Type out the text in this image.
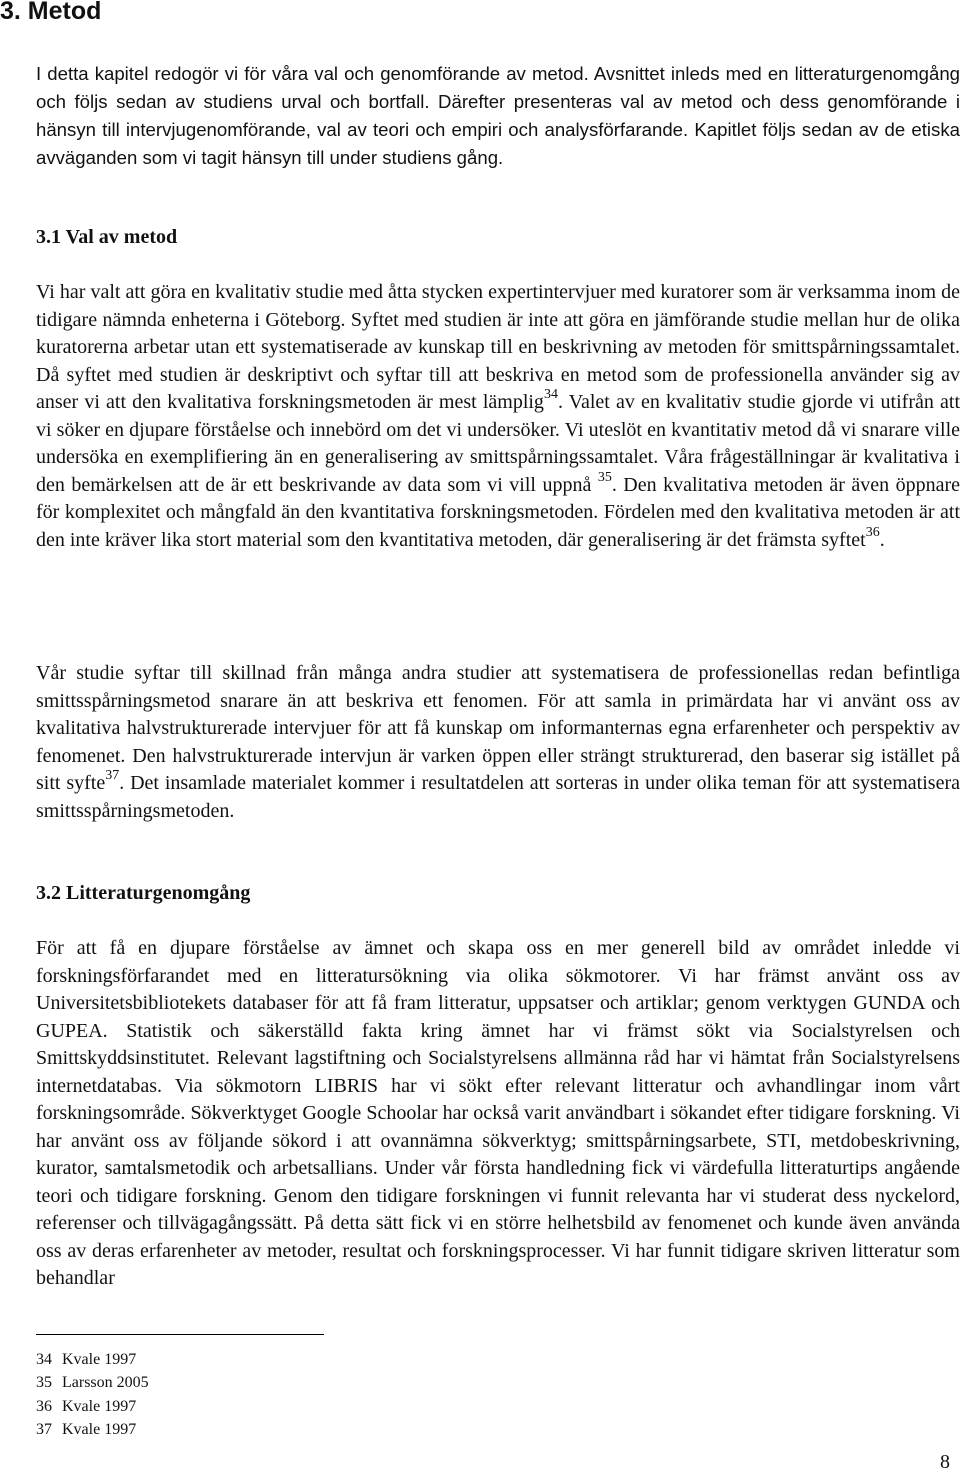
3. Metod

I detta kapitel redogör vi för våra val och genomförande av metod. Avsnittet inleds med en litteraturgenomgång och följs sedan av studiens urval och bortfall. Därefter presenteras val av metod och dess genomförande i hänsyn till intervjugenomförande, val av teori och empiri och analysförfarande. Kapitlet följs sedan av de etiska avväganden som vi tagit hänsyn till under studiens gång.

3.1 Val av metod

Vi har valt att göra en kvalitativ studie med åtta stycken expertintervjuer med kuratorer som är verksamma inom de tidigare nämnda enheterna i Göteborg. Syftet med studien är inte att göra en jämförande studie mellan hur de olika kuratorerna arbetar utan ett systematiserade av kunskap till en beskrivning av metoden för smittspårningssamtalet. Då syftet med studien är deskriptivt och syftar till att beskriva en metod som de professionella använder sig av anser vi att den kvalitativa forskningsmetoden är mest lämplig$^{34}$. Valet av en kvalitativ studie gjorde vi utifrån att vi söker en djupare förståelse och innebörd om det vi undersöker. Vi uteslöt en kvantitativ metod då vi snarare ville undersöka en exemplifiering än en generalisering av smittspårningssamtalet. Våra frågeställningar är kvalitativa i den bemärkelsen att de är ett beskrivande av data som vi vill uppnå $^{35}$. Den kvalitativa metoden är även öppnare för komplexitet och mångfald än den kvantitativa forskningsmetoden. Fördelen med den kvalitativa metoden är att den inte kräver lika stort material som den kvantitativa metoden, där generalisering är det främsta syftet$^{36}$.

Vår studie syftar till skillnad från många andra studier att systematisera de professionellas redan befintliga smittsspårningsmetod snarare än att beskriva ett fenomen. För att samla in primärdata har vi använt oss av kvalitativa halvstrukturerade intervjuer för att få kunskap om informanternas egna erfarenheter och perspektiv av fenomenet. Den halvstrukturerade intervjun är varken öppen eller strängt strukturerad, den baserar sig istället på sitt syfte$^{37}$. Det insamlade materialet kommer i resultatdelen att sorteras in under olika teman för att systematisera smittsspårningsmetoden.

3.2 Litteraturgenomgång

För att få en djupare förståelse av ämnet och skapa oss en mer generell bild av området inledde vi forskningsförfarandet med en litteratursökning via olika sökmotorer. Vi har främst använt oss av Universitetsbibliotekets databaser för att få fram litteratur, uppsatser och artiklar; genom verktygen GUNDA och GUPEA. Statistik och säkerställd fakta kring ämnet har vi främst sökt via Socialstyrelsen och Smittskyddsinstitutet. Relevant lagstiftning och Socialstyrelsens allmänna råd har vi hämtat från Socialstyrelsens internetdatabas. Via sökmotorn LIBRIS har vi sökt efter relevant litteratur och avhandlingar inom vårt forskningsområde. Sökverktyget Google Schoolar har också varit användbart i sökandet efter tidigare forskning. Vi har använt oss av följande sökord i att ovannämna sökverktyg; smittspårningsarbete, STI, metdobeskrivning, kurator, samtalsmetodik och arbetsallians. Under vår första handledning fick vi värdefulla litteraturtips angående teori och tidigare forskning. Genom den tidigare forskningen vi funnit relevanta har vi studerat dess nyckelord, referenser och tillvägagångssätt. På detta sätt fick vi en större helhetsbild av fenomenet och kunde även använda oss av deras erfarenheter av metoder, resultat och forskningsprocesser. Vi har funnit tidigare skriven litteratur som behandlar

34 Kvale 1997
35 Larsson 2005
36 Kvale 1997
37 Kvale 1997

8
